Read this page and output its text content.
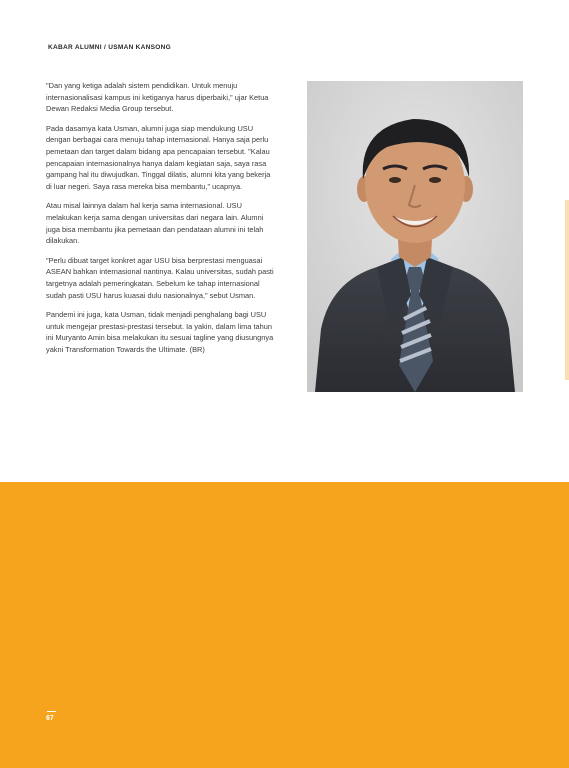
KABAR ALUMNI / USMAN KANSONG

"Dan yang ketiga adalah sistem pendidikan. Untuk menuju internasionalisasi kampus ini ketiganya harus diperbaiki," ujar Ketua Dewan Redaksi Media Group tersebut.

Pada dasarnya kata Usman, alumni juga siap mendukung USU dengan berbagai cara menuju tahap internasional. Hanya saja perlu pemetaan dan target dalam bidang apa pencapaian tersebut. "Kalau pencapaian internasionalnya hanya dalam kegiatan saja, saya rasa gampang hal itu diwujudkan. Tinggal dilatis, alumni kita yang bekerja di luar negeri. Saya rasa mereka bisa membantu," ucapnya.

Atau misal lainnya dalam hal kerja sama internasional. USU melakukan kerja sama dengan universitas dari negara lain. Alumni juga bisa membantu jika pemetaan dan pendataan alumni ini telah dilakukan.

"Perlu dibuat target konkret agar USU bisa berprestasi menguasai ASEAN bahkan internasional nantinya. Kalau universitas, sudah pasti targetnya adalah pemeringkatan. Sebelum ke tahap internasional sudah pasti USU harus kuasai dulu nasionalnya," sebut Usman.

Pandemi ini juga, kata Usman, tidak menjadi penghalang bagi USU untuk mengejar prestasi-prestasi tersebut. Ia yakin, dalam lima tahun ini Muryanto Amin bisa melakukan itu sesuai tagline yang diusungnya yakni Transformation Towards the Ultimate. (BR)

67
